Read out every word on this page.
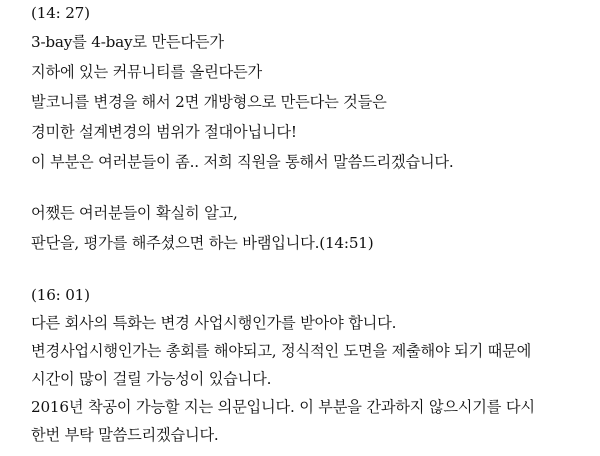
(14: 27)
3-bay를 4-bay로 만든다든가
지하에 있는 커뮤니티를 올린다든가
발코니를 변경을 해서 2면 개방형으로 만든다는 것들은
경미한 설계변경의 범위가 절대아닙니다!
이 부분은 여러분들이 좀.. 저희 직원을 통해서 말씀드리겠습니다.
어쨌든 여러분들이 확실히 알고,
판단을, 평가를 해주셨으면 하는 바램입니다.(14:51)
(16: 01)
다른 회사의 특화는 변경 사업시행인가를 받아야 합니다.
변경사업시행인가는 총회를 해야되고, 정식적인 도면을 제출해야 되기 때문에
시간이 많이 걸릴 가능성이 있습니다.
2016년 착공이 가능할 지는 의문입니다. 이 부분을 간과하지 않으시기를 다시
한번 부탁 말씀드리겠습니다.
